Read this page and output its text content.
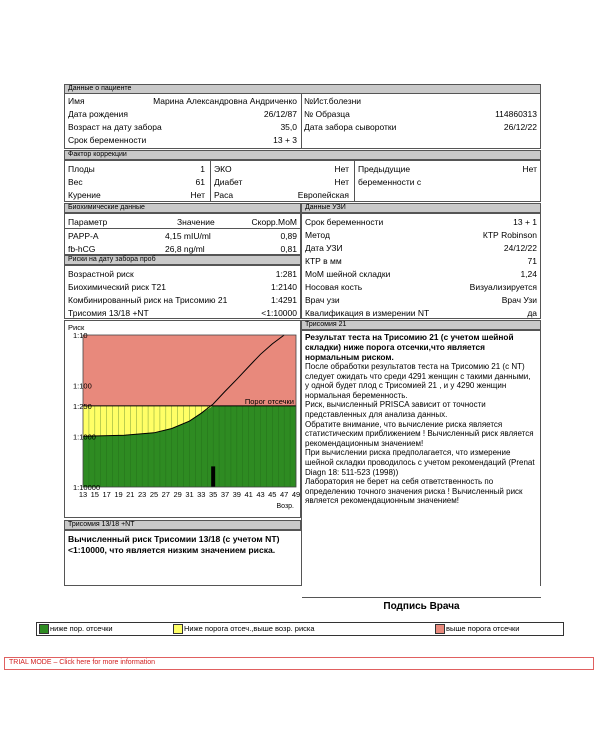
Данные о пациенте
Имя	Марина Александровна Андриченко №Ист.болезни
Дата рождения	26/12/87 № Образца	114860313
Возраст на дату забора	35,0 Дата забора сыворотки	26/12/22
Срок беременности	13 + 3
Фактор коррекции
Плоды	1 ЭКО	Нет Предыдущие	Нет
Вес	61 Диабет	Нет беременности с
Курение	Нет Раса	Европейская
Биохимические данные	Данные УЗИ
Параметр	Значение	Скорр.МоМ
PAPP-A	4,15 mIU/ml	0,89
fb-hCG	26,8 ng/ml	0,81
Срок беременности	13 + 1
Метод	КТР Robinson
Дата УЗИ	24/12/22
КТР в мм	71
МоМ шейной складки	1,24
Носовая кость	Визуализируется
Врач узи	Врач Узи
Квалификация в измерении NT	да
Риски на дату забора проб
Возрастной риск	1:281
Биохимический риск T21	1:2140
Комбинированный риск на Трисомию 21	1:4291
Трисомия 13/18 +NT	<1:10000
Риск
1:10
1:100
1:250
1:1000
1:10000
Порог отсечки
13 15 17 19 21 23 25 27 29 31 33 35 37 39 41 43 45 47 49
Возр.
Трисомия 21
Результат теста на Трисомию 21 (с учетом шейной складки) ниже порога отсечки,что является нормальным риском.
После обработки результатов теста на Трисомию 21 (с NT) следует ожидать что среди 4291 женщин с такими данными, у одной будет плод с Трисомией 21 , и у 4290 женщин нормальная беременность.
Риск, вычисленный PRISCA зависит от точности представленных для анализа данных.
Обратите внимание, что вычисление риска является статистическим приближением ! Вычисленный риск является рекомендационным значением!
При вычислении риска предполагается, что измерение шейной складки проводилось с учетом рекомендаций (Prenat Diagn 18: 511-523 (1998))
Лаборатория не берет на себя ответственность по определению точного значения риска ! Вычисленный риск является рекомендационным значением!
Трисомия 13/18 +NT
Вычисленный риск Трисомии 13/18 (с учетом NT) <1:10000, что является низким значением риска.
Подпись Врача
ниже пор. отсечки	Ниже порога отсеч.,выше возр. риска	выше порога отсечки
TRIAL MODE – Click here for more information
